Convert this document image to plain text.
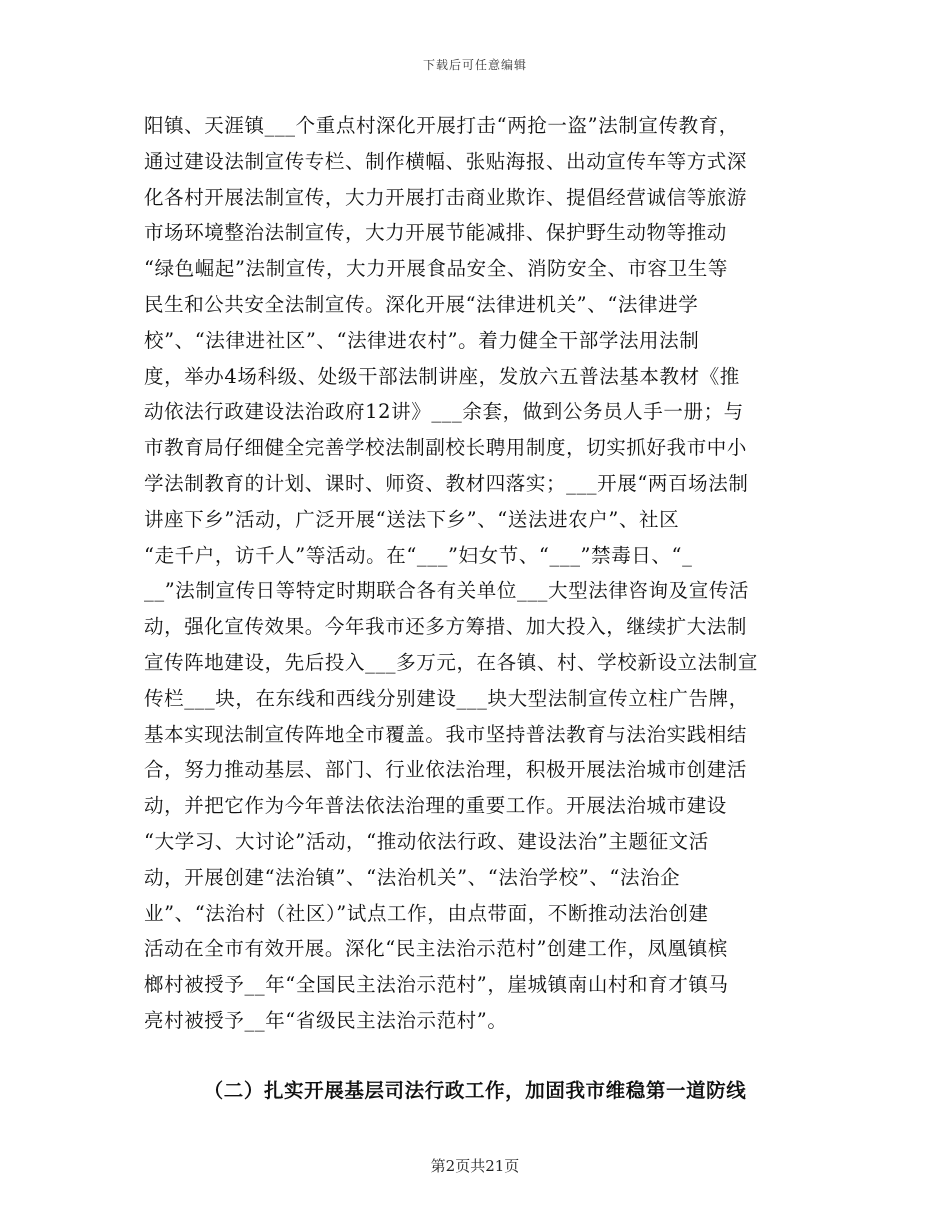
下载后可任意编辑
阳镇、天涯镇___个重点村深化开展打击“两抢一盗”法制宣传教育，
通过建设法制宣传专栏、制作横幅、张贴海报、出动宣传车等方式深
化各村开展法制宣传，大力开展打击商业欺诈、提倡经营诚信等旅游
市场环境整治法制宣传，大力开展节能减排、保护野生动物等推动
“绿色崛起”法制宣传，大力开展食品安全、消防安全、市容卫生等
民生和公共安全法制宣传。深化开展“法律进机关”、“法律进学
校”、“法律进社区”、“法律进农村”。着力健全干部学法用法制
度，举办4场科级、处级干部法制讲座，发放六五普法基本教材《推
动依法行政建设法治政府12讲》___余套，做到公务员人手一册；与
市教育局仔细健全完善学校法制副校长聘用制度，切实抓好我市中小
学法制教育的计划、课时、师资、教材四落实；___开展“两百场法制
讲座下乡”活动，广泛开展“送法下乡”、“送法进农户”、社区
“走千户，访千人”等活动。在“___”妇女节、“___”禁毒日、“_
__”法制宣传日等特定时期联合各有关单位___大型法律咨询及宣传活
动，强化宣传效果。今年我市还多方筹措、加大投入，继续扩大法制
宣传阵地建设，先后投入___多万元，在各镇、村、学校新设立法制宣
传栏___块，在东线和西线分别建设___块大型法制宣传立柱广告牌，
基本实现法制宣传阵地全市覆盖。我市坚持普法教育与法治实践相结
合，努力推动基层、部门、行业依法治理，积极开展法治城市创建活
动，并把它作为今年普法依法治理的重要工作。开展法治城市建设
“大学习、大讨论”活动，“推动依法行政、建设法治”主题征文活
动，开展创建“法治镇”、“法治机关”、“法治学校”、“法治企
业”、“法治村（社区）”试点工作，由点带面，不断推动法治创建
活动在全市有效开展。深化“民主法治示范村”创建工作，凤凰镇槟
榔村被授予__年“全国民主法治示范村”，崖城镇南山村和育才镇马
亮村被授予__年“省级民主法治示范村”。
（二）扎实开展基层司法行政工作，加固我市维稳第一道防线
第2页共21页
